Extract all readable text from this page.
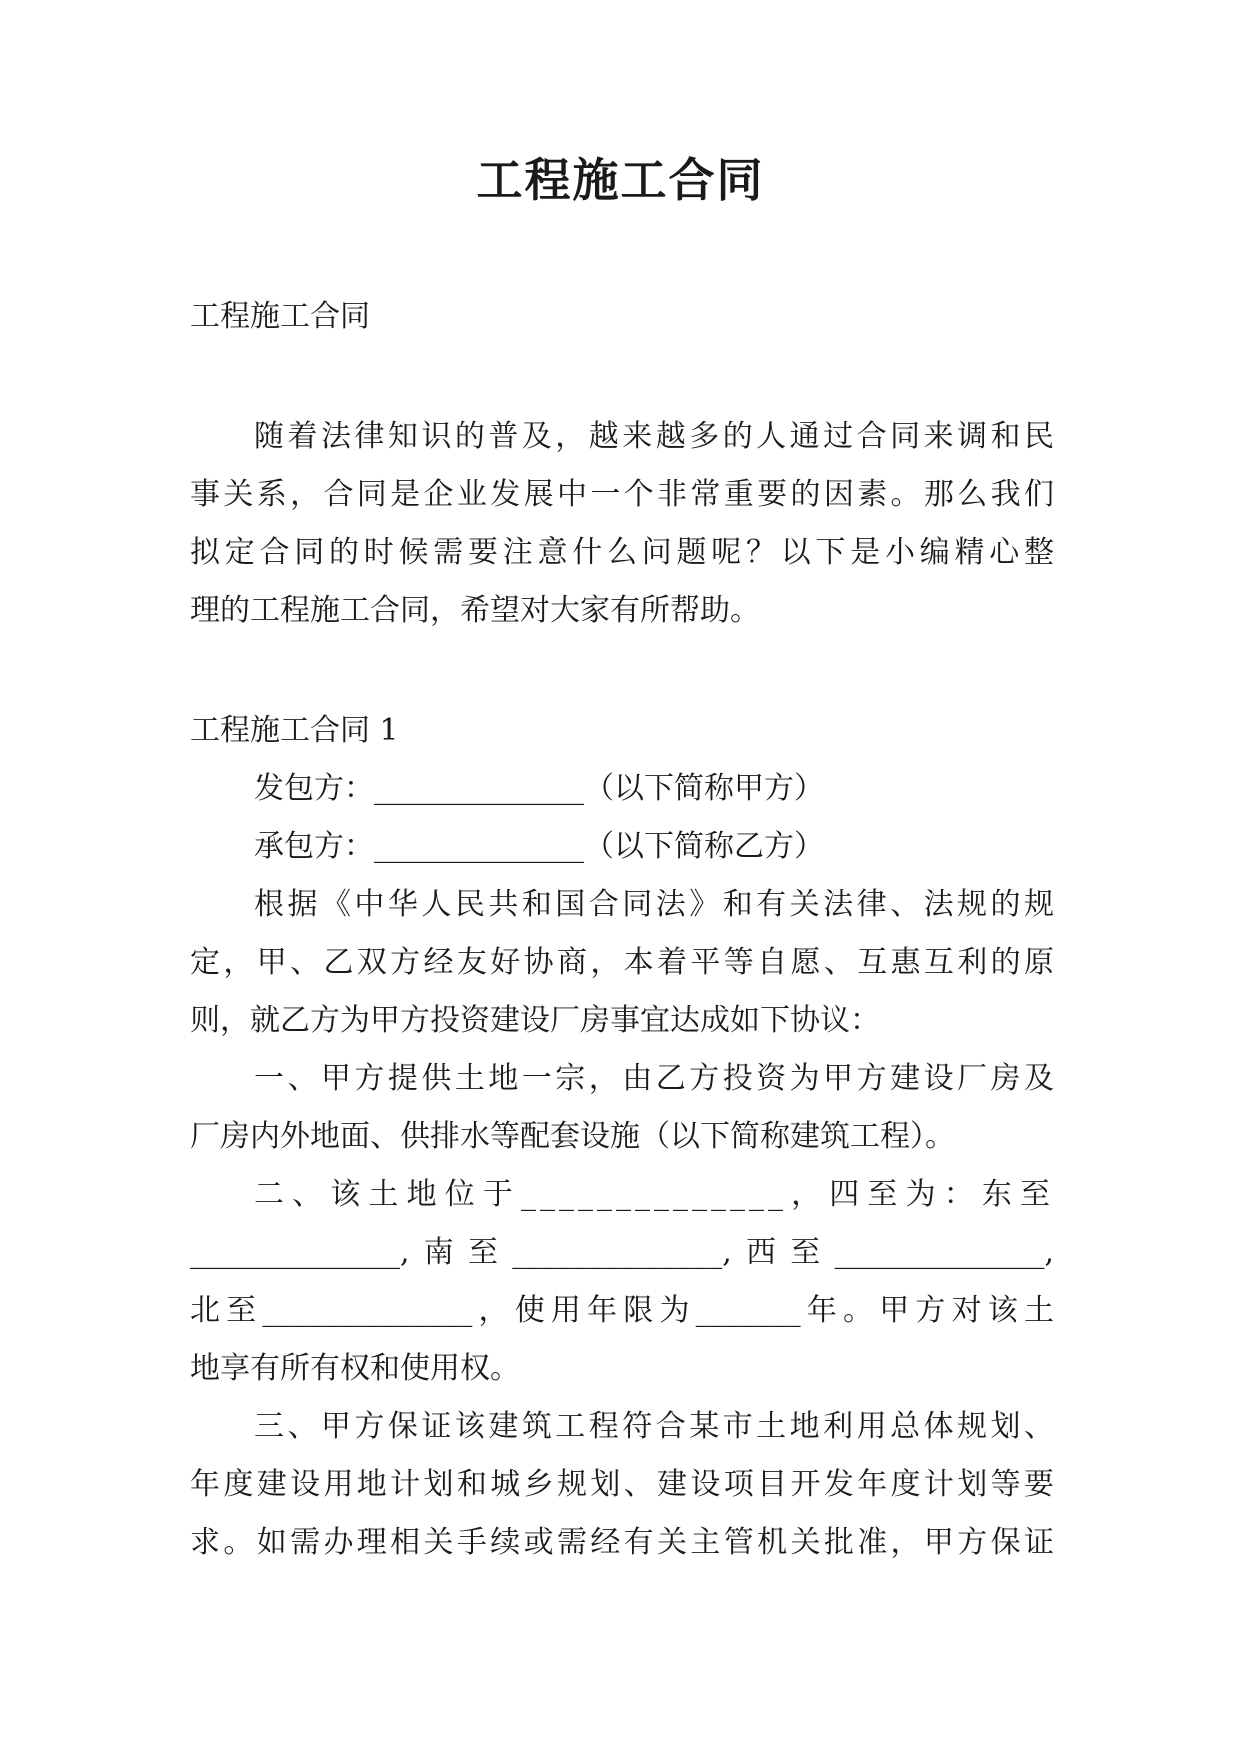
工程施工合同
工程施工合同
随着法律知识的普及，越来越多的人通过合同来调和民
事关系，合同是企业发展中一个非常重要的因素。那么我们
拟定合同的时候需要注意什么问题呢？以下是小编精心整
理的工程施工合同，希望对大家有所帮助。
工程施工合同 1
发包方：______________（以下简称甲方）
承包方：______________（以下简称乙方）
根据《中华人民共和国合同法》和有关法律、法规的规
定，甲、乙双方经友好协商，本着平等自愿、互惠互利的原
则，就乙方为甲方投资建设厂房事宜达成如下协议：
一、甲方提供土地一宗，由乙方投资为甲方建设厂房及
厂房内外地面、供排水等配套设施（以下简称建筑工程）。
二、该土地位于______________，四至为：东至
______________,南至______________,西至______________,
北至______________，使用年限为_______年。甲方对该土
地享有所有权和使用权。
三、甲方保证该建筑工程符合某市土地利用总体规划、
年度建设用地计划和城乡规划、建设项目开发年度计划等要
求。如需办理相关手续或需经有关主管机关批准，甲方保证
